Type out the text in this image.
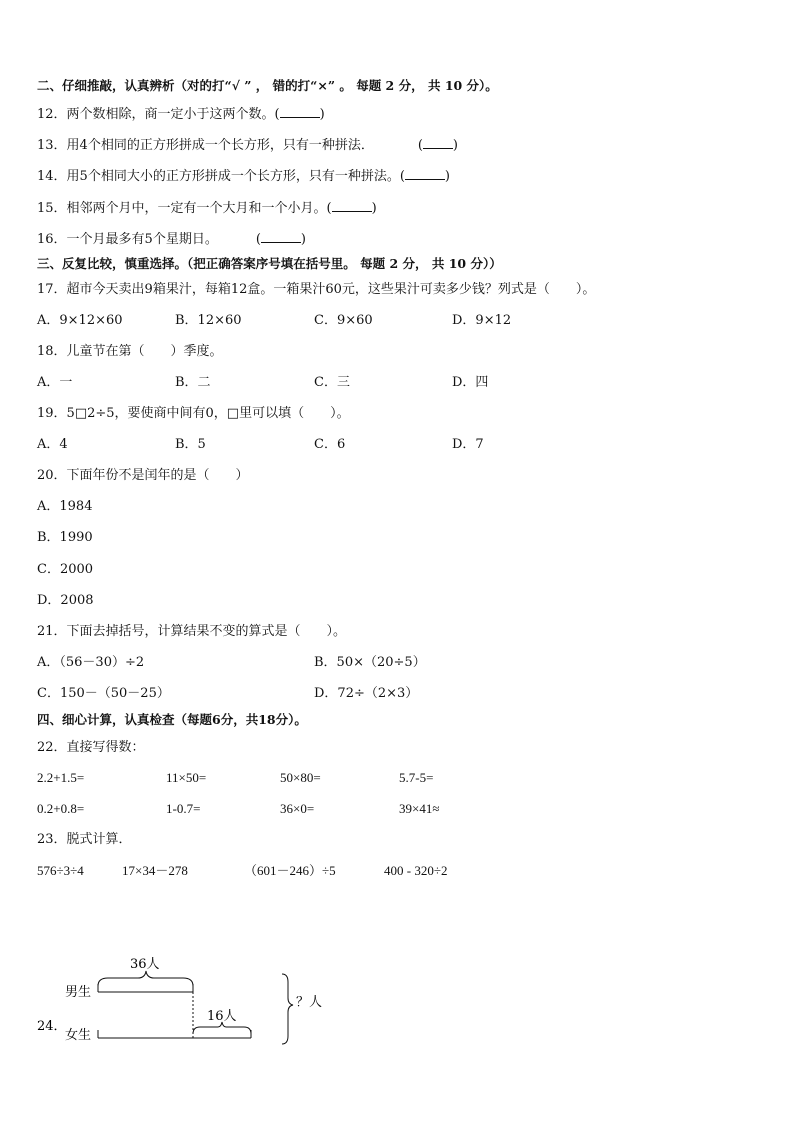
二、仔细推敲，认真辨析（对的打“√ ” ， 错的打“×” 。 每题 2 分， 共 10 分）。
12．两个数相除，商一定小于这两个数。(	)
13．用4个相同的正方形拼成一个长方形，只有一种拼法．	( )
14．用5个相同大小的正方形拼成一个长方形，只有一种拼法。(	)
15．相邻两个月中，一定有一个大月和一个小月。(	)
16．一个月最多有5个星期日。	(	)
三、反复比较，慎重选择。（把正确答案序号填在括号里。 每题 2 分， 共 10 分））
17．超市今天卖出9箱果汁，每箱12盒。一箱果汁60元，这些果汁可卖多少钱？列式是（　　）。
A．9×12×60	B．12×60	C．9×60	D．9×12
18．儿童节在第（　　）季度。
A．一	B．二	C．三	D．四
19．5□2÷5，要使商中间有0，□里可以填（　　）。
A．4	B．5	C．6	D．7
20．下面年份不是闰年的是（　　）
A．1984
B．1990
C．2000
D．2008
21．下面去掉括号，计算结果不变的算式是（　　）。
A．（56－30）÷2	B．50×（20÷5）
C．150－（50－25）	D．72÷（2×3）
四、细心计算，认真检查（每题6分，共18分）。
22．直接写得数：
2.2+1.5=	11×50=	50×80=	5.7-5=
0.2+0.8=	1-0.7=	36×0=	39×41≈
23．脱式计算．
576÷3÷4	17×34－278	（601－246）÷5	400 - 320÷2
24．
男生
女生
36人
16人
？人
